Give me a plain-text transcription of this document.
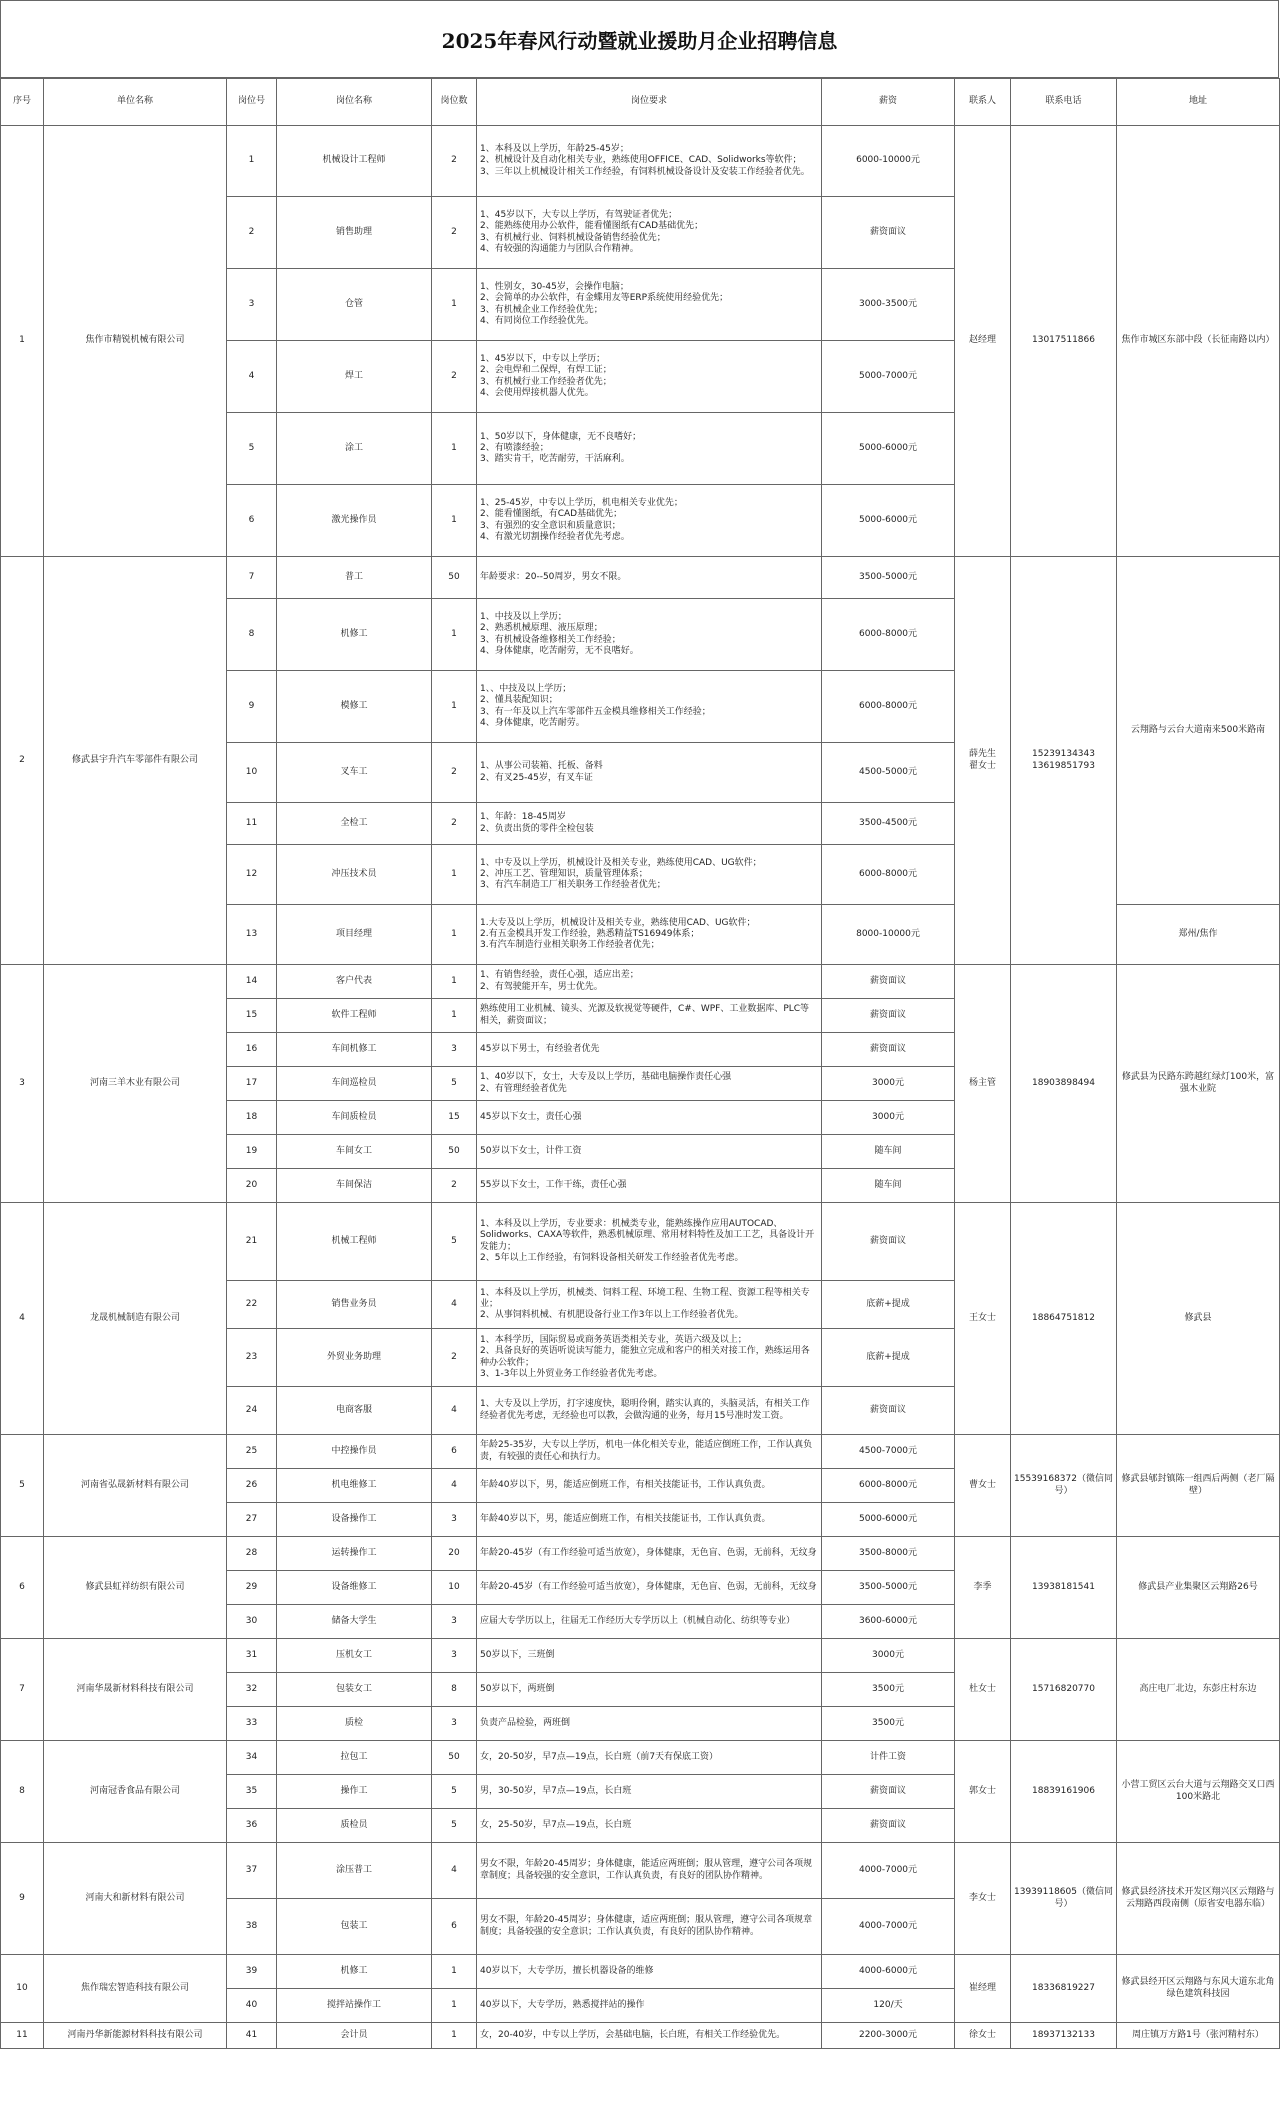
2025年春风行动暨就业援助月企业招聘信息
序号	单位名称	岗位号	岗位名称	岗位数	岗位要求	薪资	联系人	联系电话	地址
1	焦作市精锐机械有限公司	1	机械设计工程师	2	1、本科及以上学历，年龄25-45岁；
2、机械设计及自动化相关专业，熟练使用OFFICE、CAD、Solidworks等软件；
3、三年以上机械设计相关工作经验，有饲料机械设备设计及安装工作经验者优先。	6000-10000元	赵经理	13017511866	焦作市城区东部中段（长征南路以内）
		2	销售助理	2	1、45岁以下，大专以上学历，有驾驶证者优先；
2、能熟练使用办公软件，能看懂图纸有CAD基础优先；
3、有机械行业、饲料机械设备销售经验优先；
4、有较强的沟通能力与团队合作精神。	薪资面议			
		3	仓管	1	1、性别女，30-45岁，会操作电脑；
2、会简单的办公软件，有金蝶用友等ERP系统使用经验优先；
3、有机械企业工作经验优先；
4、有同岗位工作经验优先。	3000-3500元			
		4	焊工	2	1、45岁以下，中专以上学历；
2、会电焊和二保焊，有焊工证；
3、有机械行业工作经验者优先；
4、会使用焊接机器人优先。	5000-7000元			
		5	涂工	1	1、50岁以下，身体健康，无不良嗜好；
2、有喷漆经验；
3、踏实肯干，吃苦耐劳，干活麻利。	5000-6000元			
		6	激光操作员	1	1、25-45岁，中专以上学历，机电相关专业优先；
2、能看懂图纸，有CAD基础优先；
3、有强烈的安全意识和质量意识；
4、有激光切割操作经验者优先考虑。	5000-6000元			
2	修武县宇升汽车零部件有限公司	7	普工	50	年龄要求：20--50周岁，男女不限。	3500-5000元	薛先生
翟女士	15239134343
13619851793	云翔路与云台大道南来500米路南
		8	机修工	1	1、中技及以上学历；
2、熟悉机械原理、液压原理；
3、有机械设备维修相关工作经验；
4、身体健康，吃苦耐劳，无不良嗜好。	6000-8000元			
		9	模修工	1	1、、中技及以上学历；
2、懂具装配知识；
3、有一年及以上汽车零部件五金模具维修相关工作经验；
4、身体健康，吃苦耐劳。	6000-8000元			
		10	叉车工	2	1、从事公司装箱、托板、备料
2、有叉25-45岁，有叉车证	4500-5000元			
		11	全检工	2	1、年龄：18-45周岁
2、负责出货的零件全检包装	3500-4500元			
		12	冲压技术员	1	1、中专及以上学历，机械设计及相关专业，熟练使用CAD、UG软件；
2、冲压工艺、管理知识，质量管理体系；
3、有汽车制造工厂相关职务工作经验者优先；	6000-8000元			
		13	项目经理	1	1.大专及以上学历，机械设计及相关专业，熟练使用CAD、UG软件；
2.有五金模具开发工作经验，熟悉精益TS16949体系；
3.有汽车制造行业相关职务工作经验者优先；	8000-10000元			郑州/焦作
3	河南三羊木业有限公司	14	客户代表	1	1、有销售经验，责任心强，适应出差；
2、有驾驶能开车，男士优先。	薪资面议	杨主管	18903898494	修武县为民路东跨越红绿灯100米，富强木业院
		15	软件工程师	1	熟练使用工业机械、镜头、光源及软视觉等硬件，C#、WPF、工业数据库、PLC等相关，薪资面议；	薪资面议			
		16	车间机修工	3	45岁以下男士，有经验者优先	薪资面议			
		17	车间巡检员	5	1、40岁以下，女士，大专及以上学历，基础电脑操作责任心强
2、有管理经验者优先	3000元			
		18	车间质检员	15	45岁以下女士，责任心强	3000元			
		19	车间女工	50	50岁以下女士，计件工资	随车间			
		20	车间保洁	2	55岁以下女士，工作干练，责任心强	随车间			
4	龙晟机械制造有限公司	21	机械工程师	5	1、本科及以上学历，专业要求：机械类专业，能熟练操作应用AUTOCAD、Solidworks、CAXA等软件，熟悉机械原理、常用材料特性及加工工艺，具备设计开发能力；
2、5年以上工作经验，有饲料设备相关研发工作经验者优先考虑。	薪资面议	王女士	18864751812	修武县
		22	销售业务员	4	1、本科及以上学历，机械类、饲料工程、环境工程、生物工程、资源工程等相关专业；
2、从事饲料机械、有机肥设备行业工作3年以上工作经验者优先。	底薪+提成			
		23	外贸业务助理	2	1、本科学历，国际贸易或商务英语类相关专业，英语六级及以上；
2、具备良好的英语听说读写能力，能独立完成和客户的相关对接工作，熟练运用各种办公软件；
3、1-3年以上外贸业务工作经验者优先考虑。	底薪+提成			
		24	电商客服	4	1、大专及以上学历，打字速度快，聪明伶俐，踏实认真的，头脑灵活，有相关工作经验者优先考虑，无经验也可以教，会做沟通的业务，每月15号准时发工资。	薪资面议			
5	河南省弘晟新材料有限公司	25	中控操作员	6	年龄25-35岁，大专以上学历，机电一体化相关专业，能适应倒班工作，工作认真负责，有较强的责任心和执行力。	4500-7000元	曹女士	15539168372（微信同号）	修武县郇封镇陈一组西后两侧（老厂隔壁）
		26	机电维修工	4	年龄40岁以下，男，能适应倒班工作，有相关技能证书，工作认真负责。	6000-8000元			
		27	设备操作工	3	年龄40岁以下，男，能适应倒班工作，有相关技能证书，工作认真负责。	5000-6000元			
6	修武县虹祥纺织有限公司	28	运转操作工	20	年龄20-45岁（有工作经验可适当放宽），身体健康，无色盲、色弱，无前科，无纹身	3500-8000元	李季	13938181541	修武县产业集聚区云翔路26号
		29	设备维修工	10	年龄20-45岁（有工作经验可适当放宽），身体健康，无色盲、色弱，无前科，无纹身	3500-5000元			
		30	储备大学生	3	应届大专学历以上，往届无工作经历大专学历以上（机械自动化、纺织等专业）	3600-6000元			
7	河南华晟新材料科技有限公司	31	压机女工	3	50岁以下，三班倒	3000元	杜女士	15716820770	高庄电厂北边，东彭庄村东边
		32	包装女工	8	50岁以下，两班倒	3500元			
		33	质检	3	负责产品检验，两班倒	3500元			
8	河南冠香食品有限公司	34	拉包工	50	女，20-50岁，早7点—19点，长白班（前7天有保底工资）	计件工资	郭女士	18839161906	小营工贸区云台大道与云翔路交叉口西100米路北
		35	操作工	5	男，30-50岁，早7点—19点，长白班	薪资面议			
		36	质检员	5	女，25-50岁，早7点—19点，长白班	薪资面议			
9	河南大和新材料有限公司	37	涂压普工	4	男女不限，年龄20-45周岁；身体健康，能适应两班倒；服从管理，遵守公司各项规章制度；具备较强的安全意识，工作认真负责，有良好的团队协作精神。	4000-7000元	李女士	13939118605（微信同号）	修武县经济技术开发区翔兴区云翔路与云翔路西段南侧（原省安电器东临）
		38	包装工	6	男女不限，年龄20-45周岁；身体健康，适应两班倒；服从管理，遵守公司各项规章制度；具备较强的安全意识；工作认真负责，有良好的团队协作精神。	4000-7000元			
10	焦作瑞宏智造科技有限公司	39	机修工	1	40岁以下，大专学历，擅长机器设备的维修	4000-6000元	崔经理	18336819227	修武县经开区云翔路与东风大道东北角绿色建筑科技园
		40	搅拌站操作工	1	40岁以下，大专学历，熟悉搅拌站的操作	120/天			
11	河南丹华新能源材料科技有限公司	41	会计员	1	女，20-40岁，中专以上学历，会基础电脑，长白班，有相关工作经验优先。	2200-3000元	徐女士	18937132133	周庄镇万方路1号（张河精村东）
